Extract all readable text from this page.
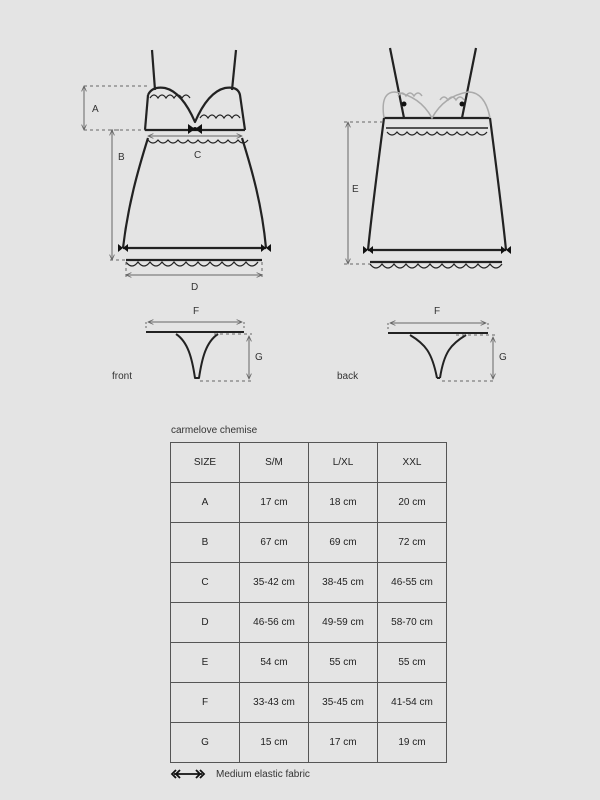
A
B	C
D
E
F
G
F
G
front	back
carmelove chemise
SIZE	S/M	L/XL	XXL
A	17 cm	18 cm	20 cm
B	67 cm	69 cm	72 cm
C	35-42 cm	38-45 cm	46-55 cm
D	46-56 cm	49-59 cm	58-70 cm
E	54 cm	55 cm	55 cm
F	33-43 cm	35-45 cm	41-54 cm
G	15 cm	17 cm	19 cm
Medium elastic fabric
